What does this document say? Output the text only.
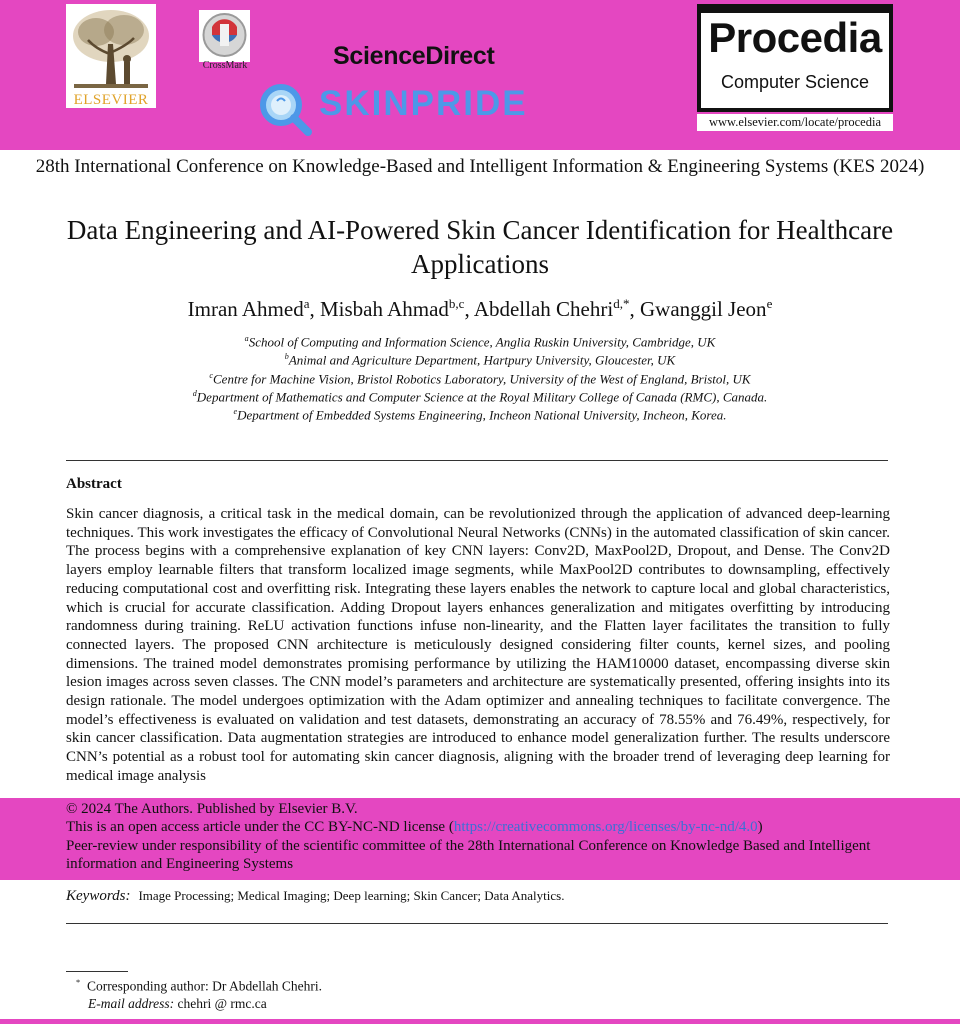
ELSEVIER
CrossMark	ScienceDirect
SKINPRIDE
Procedia
Computer Science
www.elsevier.com/locate/procedia
28th International Conference on Knowledge-Based and Intelligent Information & Engineering Systems (KES 2024)
Data Engineering and AI-Powered Skin Cancer Identification for Healthcare Applications
Imran Ahmed$^a$, Misbah Ahmad$^{b,c}$, Abdellah Chehri$^{d,*}$, Gwanggil Jeon$^e$
$^a$School of Computing and Information Science, Anglia Ruskin University, Cambridge, UK
$^b$Animal and Agriculture Department, Hartpury University, Gloucester, UK
$^c$Centre for Machine Vision, Bristol Robotics Laboratory, University of the West of England, Bristol, UK
$^d$Department of Mathematics and Computer Science at the Royal Military College of Canada (RMC), Canada.
$^e$Department of Embedded Systems Engineering, Incheon National University, Incheon, Korea.
Abstract
Skin cancer diagnosis, a critical task in the medical domain, can be revolutionized through the application of advanced deep-learning techniques. This work investigates the efficacy of Convolutional Neural Networks (CNNs) in the automated classification of skin cancer. The process begins with a comprehensive explanation of key CNN layers: Conv2D, MaxPool2D, Dropout, and Dense. The Conv2D layers employ learnable filters that transform localized image segments, while MaxPool2D contributes to downsampling, effectively reducing computational cost and overfitting risk. Integrating these layers enables the network to capture local and global characteristics, which is crucial for accurate classification. Adding Dropout layers enhances generalization and mitigates overfitting by introducing randomness during training. ReLU activation functions infuse non-linearity, and the Flatten layer facilitates the transition to fully connected layers. The proposed CNN architecture is meticulously designed considering filter counts, kernel sizes, and pooling dimensions. The trained model demonstrates promising performance by utilizing the HAM10000 dataset, encompassing diverse skin lesion images across seven classes. The CNN model’s parameters and architecture are systematically presented, offering insights into its design rationale. The model undergoes optimization with the Adam optimizer and annealing techniques to facilitate convergence. The model’s effectiveness is evaluated on validation and test datasets, demonstrating an accuracy of 78.55% and 76.49%, respectively, for skin cancer classification. Data augmentation strategies are introduced to enhance model generalization further. The results underscore CNN’s potential as a robust tool for automating skin cancer diagnosis, aligning with the broader trend of leveraging deep learning for medical image analysis
© 2024 The Authors. Published by Elsevier B.V.
This is an open access article under the CC BY-NC-ND license (https://creativecommons.org/licenses/by-nc-nd/4.0)
Peer-review under responsibility of the scientific committee of the 28th International Conference on Knowledge Based and Intelligent information and Engineering Systems
Keywords: Image Processing; Medical Imaging; Deep learning; Skin Cancer; Data Analytics.
* Corresponding author: Dr Abdellah Chehri.
E-mail address: chehri @ rmc.ca
